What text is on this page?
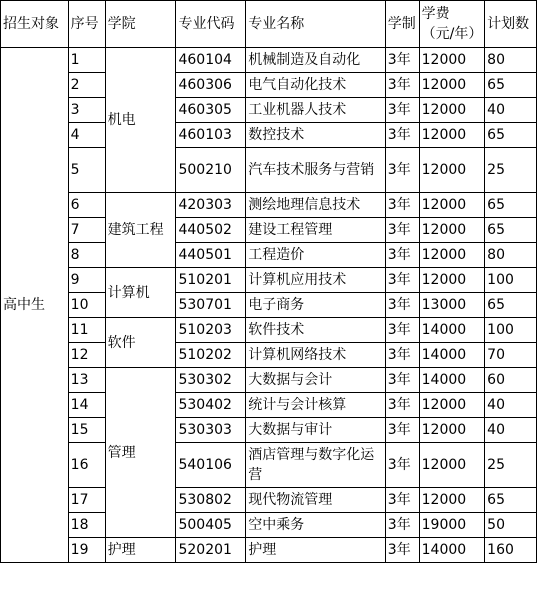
招生对象	序号	学院	专业代码	专业名称	学制	学费（元/年）	计划数
高中生	1	机电	460104	机械制造及自动化	3年	12000	80
	2		460306	电气自动化技术	3年	12000	65
	3		460305	工业机器人技术	3年	12000	40
	4		460103	数控技术	3年	12000	65
	5		500210	汽车技术服务与营销	3年	12000	25
	6	建筑工程	420303	测绘地理信息技术	3年	12000	65
	7		440502	建设工程管理	3年	12000	65
	8		440501	工程造价	3年	12000	80
	9	计算机	510201	计算机应用技术	3年	12000	100
	10		530701	电子商务	3年	13000	65
	11	软件	510203	软件技术	3年	14000	100
	12		510202	计算机网络技术	3年	14000	70
	13	管理	530302	大数据与会计	3年	14000	60
	14		530402	统计与会计核算	3年	12000	40
	15		530303	大数据与审计	3年	12000	40
	16		540106	酒店管理与数字化运营	3年	12000	25
	17		530802	现代物流管理	3年	12000	65
	18		500405	空中乘务	3年	19000	50
	19	护理	520201	护理	3年	14000	160
